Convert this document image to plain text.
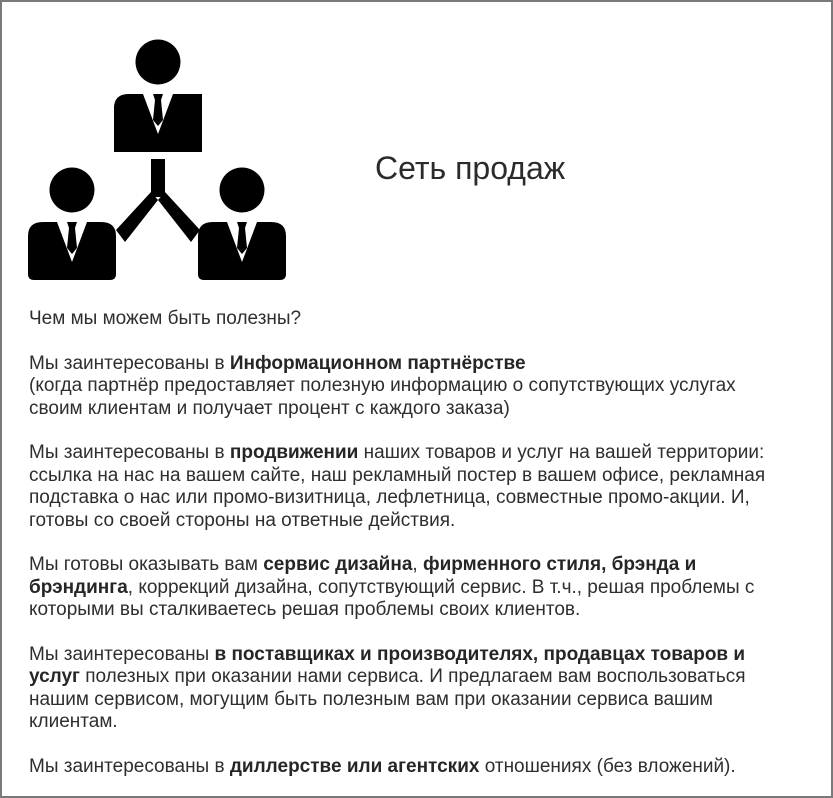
Сеть продаж

Чем мы можем быть полезны?

Мы заинтересованы в Информационном партнёрстве
(когда партнёр предоставляет полезную информацию о сопутствующих услугах
своим клиентам и получает процент с каждого заказа)

Мы заинтересованы в продвижении наших товаров и услуг на вашей территории:
ссылка на нас на вашем сайте, наш рекламный постер в вашем офисе, рекламная
подставка о нас или промо-визитница, лефлетница, совместные промо-акции. И,
готовы со своей стороны на ответные действия.

Мы готовы оказывать вам сервис дизайна, фирменного стиля, брэнда и
брэндинга, коррекций дизайна, сопутствующий сервис. В т.ч., решая проблемы с
которыми вы сталкиваетесь решая проблемы своих клиентов.

Мы заинтересованы в поставщиках и производителях, продавцах товаров и
услуг полезных при оказании нами сервиса. И предлагаем вам воспользоваться
нашим сервисом, могущим быть полезным вам при оказании сервиса вашим
клиентам.

Мы заинтересованы в диллерстве или агентских отношениях (без вложений).
